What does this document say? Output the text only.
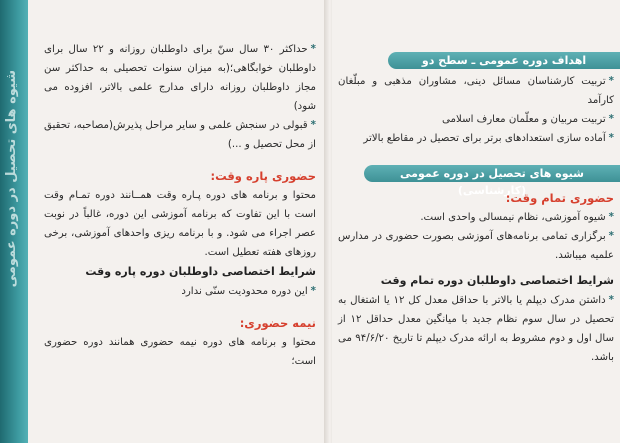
شیوه های تحصیل در دوره عمومی

*حداکثر ۳۰ سال سنّ برای داوطلبان روزانه و ۲۲ سال برای داوطلبان خوابگاهی؛(به میزان سنوات تحصیلی به حداکثر سن مجاز داوطلبان روزانه دارای مدارج علمی بالاتر، افزوده می شود)

*قبولی در سنجش علمی و سایر مراحل پذیرش(مصاحبه، تحقیق از محل تحصیل و ...)

حضوری پاره وقت:

محتوا و برنامه های دوره پـاره وقت همــانند دوره تمـام وقت است با این تفاوت که برنامه آموزشی این دوره، غالباً در نوبت عصر اجراء می شود. و با برنامه ریزی واحدهای آموزشی، برخی روزهای هفته تعطیل است.

شرایط اختصاصی داوطلبان دوره پاره وقت

*این دوره محدودیت سنّی ندارد

نیمه حضوری:

محتوا و برنامه های دوره نیمه حضوری همانند دوره حضوری است؛

اهداف دوره عمومی ـ سطح دو

*تربیت کارشناسان مسائل دینی، مشاوران مذهبی و مبلّغان کارآمد

*تربیت مربیان و معلّمان معارف اسلامی

*آماده سازی استعدادهای برتر برای تحصیل در مقاطع بالاتر

شیوه های تحصیل در دوره عمومی (کارشناسی)

حضوری تمام وقت:

*شیوه آموزشی، نظام نیمسالی واحدی است.

*برگزاری تمامی برنامه‌های آموزشی بصورت حضوری در مدارس علمیه میباشد.

شرایط اختصاصی داوطلبان دوره تمام وقت

*داشتن مدرک دیپلم یا بالاتر با حداقل معدل کل ۱۲ یا اشتغال به تحصیل در سال سوم نظام جدید با میانگین معدل حداقل ۱۲ از سال اول و دوم مشروط به ارائه مدرک دیپلم تا تاریخ ۹۴/۶/۲۰ می باشد.
